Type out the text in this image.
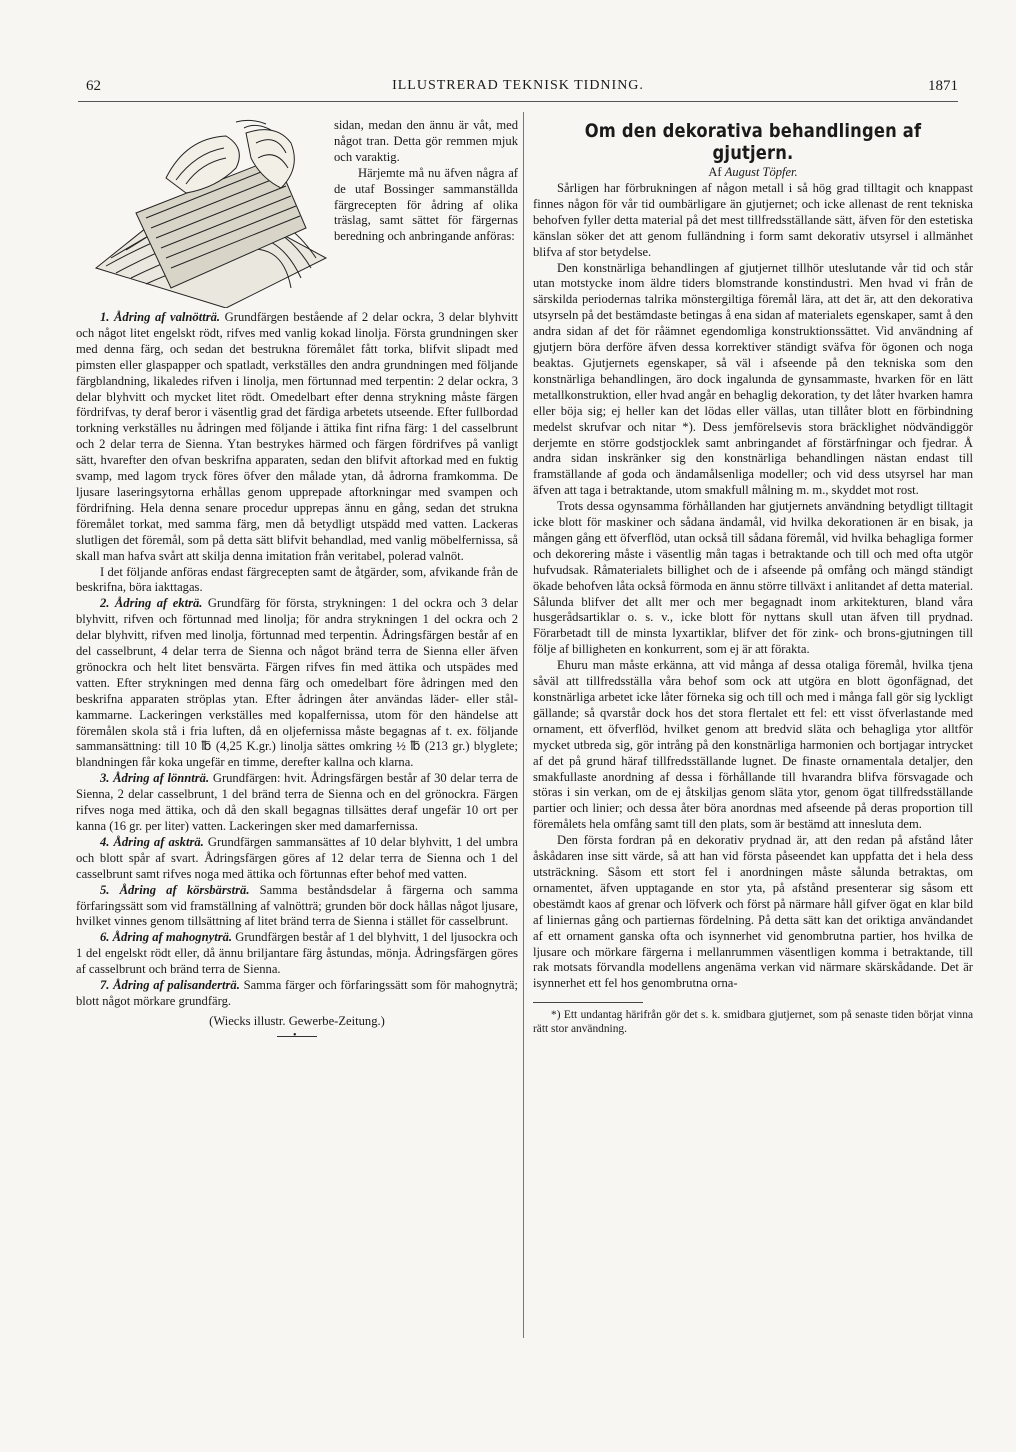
62	ILLUSTRERAD TEKNISK TIDNING.	1871

sidan, medan den ännu är våt, med något tran. Detta gör remmen mjuk och varaktig.

Härjemte må nu äfven några af de utaf Bossinger sammanställda färgrecepten för ådring af olika träslag, samt sättet för färgernas beredning och anbringande anföras:

1. Ådring af valnötträ. Grundfärgen bestående af 2 delar ockra, 3 delar blyhvitt och något litet engelskt rödt, rifves med vanlig kokad linolja. Första grundningen sker med denna färg, och sedan det bestrukna föremålet fått torka, blifvit slipadt med pimsten eller glaspapper och spatladt, verkställes den andra grundningen med följande färgblandning, likaledes rifven i linolja, men förtunnad med terpentin: 2 delar ockra, 3 delar blyhvitt och mycket litet rödt. Omedelbart efter denna strykning måste färgen fördrifvas, ty deraf beror i väsentlig grad det färdiga arbetets utseende. Efter fullbordad torkning verkställes nu ådringen med följande i ättika fint rifna färg: 1 del casselbrunt och 2 delar terra de Sienna. Ytan bestrykes härmed och färgen fördrifves på vanligt sätt, hvarefter den ofvan beskrifna apparaten, sedan den blifvit aftorkad med en fuktig svamp, med lagom tryck föres öfver den målade ytan, då ådrorna framkomma. De ljusare laseringsytorna erhållas genom upprepade aftorkningar med svampen och fördrifning. Hela denna senare procedur upprepas ännu en gång, sedan det strukna föremålet torkat, med samma färg, men då betydligt utspädd med vatten. Lackeras slutligen det föremål, som på detta sätt blifvit behandlad, med vanlig möbelfernissa, så skall man hafva svårt att skilja denna imitation från veritabel, polerad valnöt.

I det följande anföras endast färgrecepten samt de åtgärder, som, afvikande från de beskrifna, böra iakttagas.

2. Ådring af ekträ. Grundfärg för första, strykningen: 1 del ockra och 3 delar blyhvitt, rifven och förtunnad med linolja; för andra strykningen 1 del ockra och 2 delar blyhvitt, rifven med linolja, förtunnad med terpentin. Ådringsfärgen består af en del casselbrunt, 4 delar terra de Sienna och något bränd terra de Sienna eller äfven grönockra och helt litet bensvärta. Färgen rifves fin med ättika och utspädes med vatten. Efter strykningen med denna färg och omedelbart före ådringen med den beskrifna apparaten ströplas ytan. Efter ådringen åter användas läder- eller stål-kammarne. Lackeringen verkställes med kopalfernissa, utom för den händelse att föremålen skola stå i fria luften, då en oljefernissa måste begagnas af t. ex. följande sammansättning: till 10 ℔ (4,25 K.gr.) linolja sättes omkring ½ ℔ (213 gr.) blyglete; blandningen får koka ungefär en timme, derefter kallna och klarna.

3. Ådring af lönnträ. Grundfärgen: hvit. Ådringsfärgen består af 30 delar terra de Sienna, 2 delar casselbrunt, 1 del bränd terra de Sienna och en del grönockra. Färgen rifves noga med ättika, och då den skall begagnas tillsättes deraf ungefär 10 ort per kanna (16 gr. per liter) vatten. Lackeringen sker med damarfernissa.

4. Ådring af askträ. Grundfärgen sammansättes af 10 delar blyhvitt, 1 del umbra och blott spår af svart. Ådringsfärgen göres af 12 delar terra de Sienna och 1 del casselbrunt samt rifves noga med ättika och förtunnas efter behof med vatten.

5. Ådring af körsbärsträ. Samma beståndsdelar å färgerna och samma förfaringssätt som vid framställning af valnötträ; grunden bör dock hållas något ljusare, hvilket vinnes genom tillsättning af litet bränd terra de Sienna i stället för casselbrunt.

6. Ådring af mahognyträ. Grundfärgen består af 1 del blyhvitt, 1 del ljusockra och 1 del engelskt rödt eller, då ännu briljantare färg åstundas, mönja. Ådringsfärgen göres af casselbrunt och bränd terra de Sienna.

7. Ådring af palisanderträ. Samma färger och förfaringssätt som för mahognyträ; blott något mörkare grundfärg.

(Wiecks illustr. Gewerbe-Zeitung.)
•
Om den dekorativa behandlingen af gjutjern.
Af August Töpfer.

Sårligen har förbrukningen af någon metall i så hög grad tilltagit och knappast finnes någon för vår tid oumbärligare än gjutjernet; och icke allenast de rent tekniska behofven fyller detta material på det mest tillfredsställande sätt, äfven för den estetiska känslan söker det att genom fulländning i form samt dekorativ utsyrsel i allmänhet blifva af stor betydelse.

Den konstnärliga behandlingen af gjutjernet tillhör uteslutande vår tid och står utan motstycke inom äldre tiders blomstrande konstindustri. Men hvad vi från de särskilda periodernas talrika mönstergiltiga föremål lära, att det är, att den dekorativa utsyrseln på det bestämdaste betingas å ena sidan af materialets egenskaper, samt å den andra sidan af det för råämnet egendomliga konstruktionssättet. Vid användning af gjutjern böra derföre äfven dessa korrektiver ständigt sväfva för ögonen och noga beaktas. Gjutjernets egenskaper, så väl i afseende på den tekniska som den konstnärliga behandlingen, äro dock ingalunda de gynsammaste, hvarken för en lätt metallkonstruktion, eller hvad angår en behaglig dekoration, ty det låter hvarken hamra eller böja sig; ej heller kan det lödas eller vällas, utan tillåter blott en förbindning medelst skrufvar och nitar *). Dess jemförelsevis stora bräcklighet nödvändiggör derjemte en större godstjocklek samt anbringandet af förstärfningar och fjedrar. Å andra sidan inskränker sig den konstnärliga behandlingen nästan endast till framställande af goda och ändamålsenliga modeller; och vid dess utsyrsel har man äfven att taga i betraktande, utom smakfull målning m. m., skyddet mot rost.

Trots dessa ogynsamma förhållanden har gjutjernets användning betydligt tilltagit icke blott för maskiner och sådana ändamål, vid hvilka dekorationen är en bisak, ja mången gång ett öfverflöd, utan också till sådana föremål, vid hvilka behagliga former och dekorering måste i väsentlig mån tagas i betraktande och till och med ofta utgör hufvudsak. Råmaterialets billighet och de i afseende på omfång och mängd ständigt ökade behofven låta också förmoda en ännu större tillväxt i anlitandet af detta material. Sålunda blifver det allt mer och mer begagnadt inom arkitekturen, bland våra husgerådsartiklar o. s. v., icke blott för nyttans skull utan äfven till prydnad. Förarbetadt till de minsta lyxartiklar, blifver det för zink- och brons-gjutningen till följe af billigheten en konkurrent, som ej är att förakta.

Ehuru man måste erkänna, att vid många af dessa otaliga föremål, hvilka tjena såväl att tillfredsställa våra behof som ock att utgöra en blott ögonfägnad, det konstnärliga arbetet icke låter förneka sig och till och med i många fall gör sig lyckligt gällande; så qvarstår dock hos det stora flertalet ett fel: ett visst öfverlastande med ornament, ett öfverflöd, hvilket genom att bredvid släta och behagliga ytor alltför mycket utbreda sig, gör intrång på den konstnärliga harmonien och bortjagar intrycket af det på grund häraf tillfredsställande lugnet. De finaste ornamentala detaljer, den smakfullaste anordning af dessa i förhållande till hvarandra blifva försvagade och störas i sin verkan, om de ej åtskiljas genom släta ytor, genom ögat tillfredsställande partier och linier; och dessa åter böra anordnas med afseende på deras proportion till föremålets hela omfång samt till den plats, som är bestämd att innesluta dem.

Den första fordran på en dekorativ prydnad är, att den redan på afstånd låter åskådaren inse sitt värde, så att han vid första påseendet kan uppfatta det i hela dess utsträckning. Såsom ett stort fel i anordningen måste sålunda betraktas, om ornamentet, äfven upptagande en stor yta, på afstånd presenterar sig såsom ett obestämdt kaos af grenar och löfverk och först på närmare håll gifver ögat en klar bild af liniernas gång och partiernas fördelning. På detta sätt kan det oriktiga användandet af ett ornament ganska ofta och isynnerhet vid genombrutna partier, hos hvilka de ljusare och mörkare färgerna i mellanrummen väsentligen komma i betraktande, till rak motsats förvandla modellens angenäma verkan vid närmare skärskådande. Det är isynnerhet ett fel hos genombrutna orna-

*) Ett undantag härifrån gör det s. k. smidbara gjutjernet, som på senaste tiden börjat vinna rätt stor användning.
